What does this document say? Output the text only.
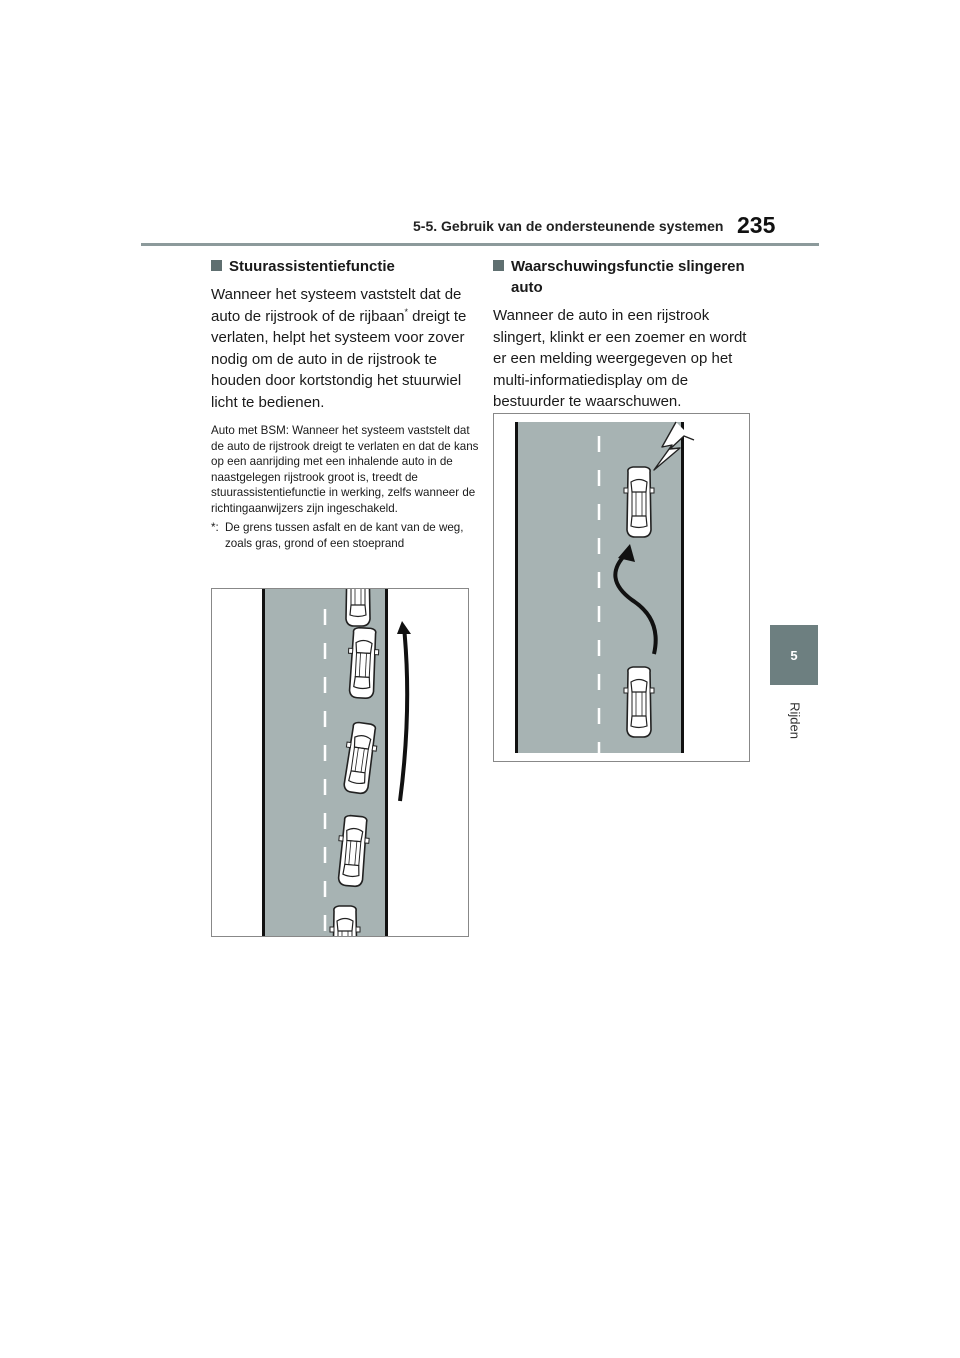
5-5. Gebruik van de ondersteunende systemen 235
5
Rijden
Stuurassistentiefunctie

Wanneer het systeem vaststelt dat de auto de rijstrook of de rijbaan* dreigt te verlaten, helpt het systeem voor zover nodig om de auto in de rijstrook te houden door kortstondig het stuurwiel licht te bedienen.

Auto met BSM: Wanneer het systeem vaststelt dat de auto de rijstrook dreigt te verlaten en dat de kans op een aanrijding met een inhalende auto in de naastgelegen rijstrook groot is, treedt de stuurassistentiefunctie in werking, zelfs wanneer de richtingaanwijzers zijn ingeschakeld.

*: De grens tussen asfalt en de kant van de weg, zoals gras, grond of een stoeprand
Waarschuwingsfunctie slingeren auto

Wanneer de auto in een rijstrook slingert, klinkt er een zoemer en wordt er een melding weergegeven op het multi-informatiedisplay om de bestuurder te waarschuwen.
